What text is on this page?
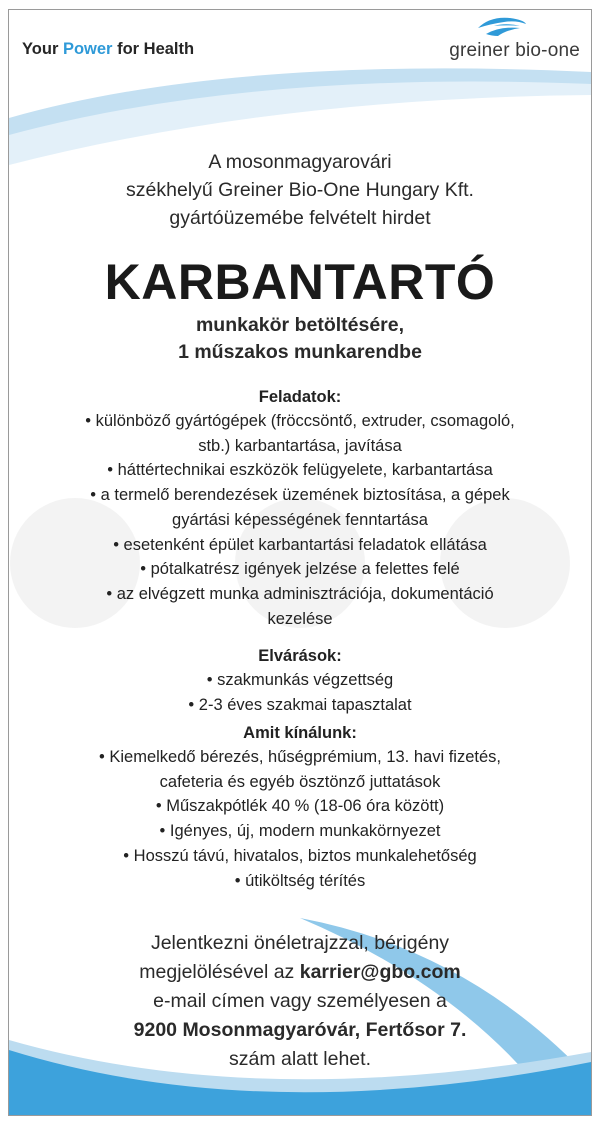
Your Power for Health	greiner bio-one
A mosonmagyarovári
székhelyű Greiner Bio-One Hungary Kft.
gyártóüzemébe felvételt hirdet
KARBANTARTÓ
munkakör betöltésére,
1 műszakos munkarendbe
Feladatok:
• különböző gyártógépek (fröccsöntő, extruder, csomagoló,
stb.) karbantartása, javítása
• háttértechnikai eszközök felügyelete, karbantartása
• a termelő berendezések üzemének biztosítása, a gépek
gyártási képességének fenntartása
• esetenként épület karbantartási feladatok ellátása
• pótalkatrész igények jelzése a felettes felé
• az elvégzett munka adminisztrációja, dokumentáció
kezelése
Elvárások:
• szakmunkás végzettség
• 2-3 éves szakmai tapasztalat
Amit kínálunk:
• Kiemelkedő bérezés, hűségprémium, 13. havi fizetés,
cafeteria és egyéb ösztönző juttatások
• Műszakpótlék 40 % (18-06 óra között)
• Igényes, új, modern munkakörnyezet
• Hosszú távú, hivatalos, biztos munkalehetőség
• útiköltség térítés
Jelentkezni önéletrajzzal, bérigény
megjelölésével az karrier@gbo.com
e-mail címen vagy személyesen a
9200 Mosonmagyaróvár, Fertősor 7.
szám alatt lehet.
